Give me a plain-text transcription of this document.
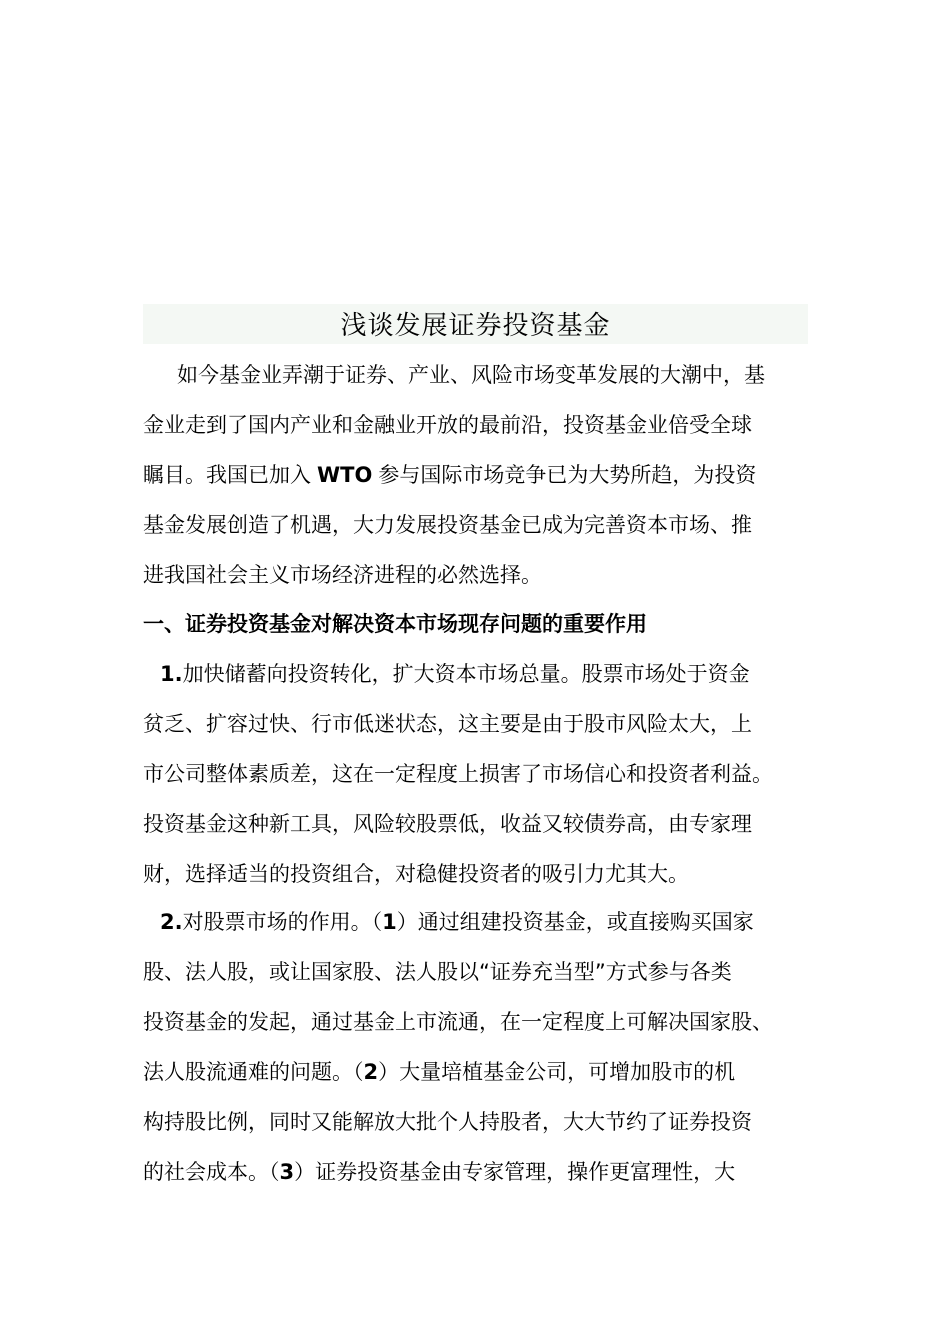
浅谈发展证券投资基金
如今基金业弄潮于证券、产业、风险市场变革发展的大潮中，基
金业走到了国内产业和金融业开放的最前沿，投资基金业倍受全球
瞩目。我国已加入 WTO 参与国际市场竞争已为大势所趋，为投资
基金发展创造了机遇，大力发展投资基金已成为完善资本市场、推
进我国社会主义市场经济进程的必然选择。
一、证券投资基金对解决资本市场现存问题的重要作用
1.加快储蓄向投资转化，扩大资本市场总量。股票市场处于资金
贫乏、扩容过快、行市低迷状态，这主要是由于股市风险太大，上
市公司整体素质差，这在一定程度上损害了市场信心和投资者利益。
投资基金这种新工具，风险较股票低，收益又较债券高，由专家理
财，选择适当的投资组合，对稳健投资者的吸引力尤其大。
2.对股票市场的作用。（1）通过组建投资基金，或直接购买国家
股、法人股，或让国家股、法人股以“证券充当型”方式参与各类
投资基金的发起，通过基金上市流通，在一定程度上可解决国家股、
法人股流通难的问题。（2）大量培植基金公司，可增加股市的机
构持股比例，同时又能解放大批个人持股者，大大节约了证券投资
的社会成本。（3）证券投资基金由专家管理，操作更富理性，大
